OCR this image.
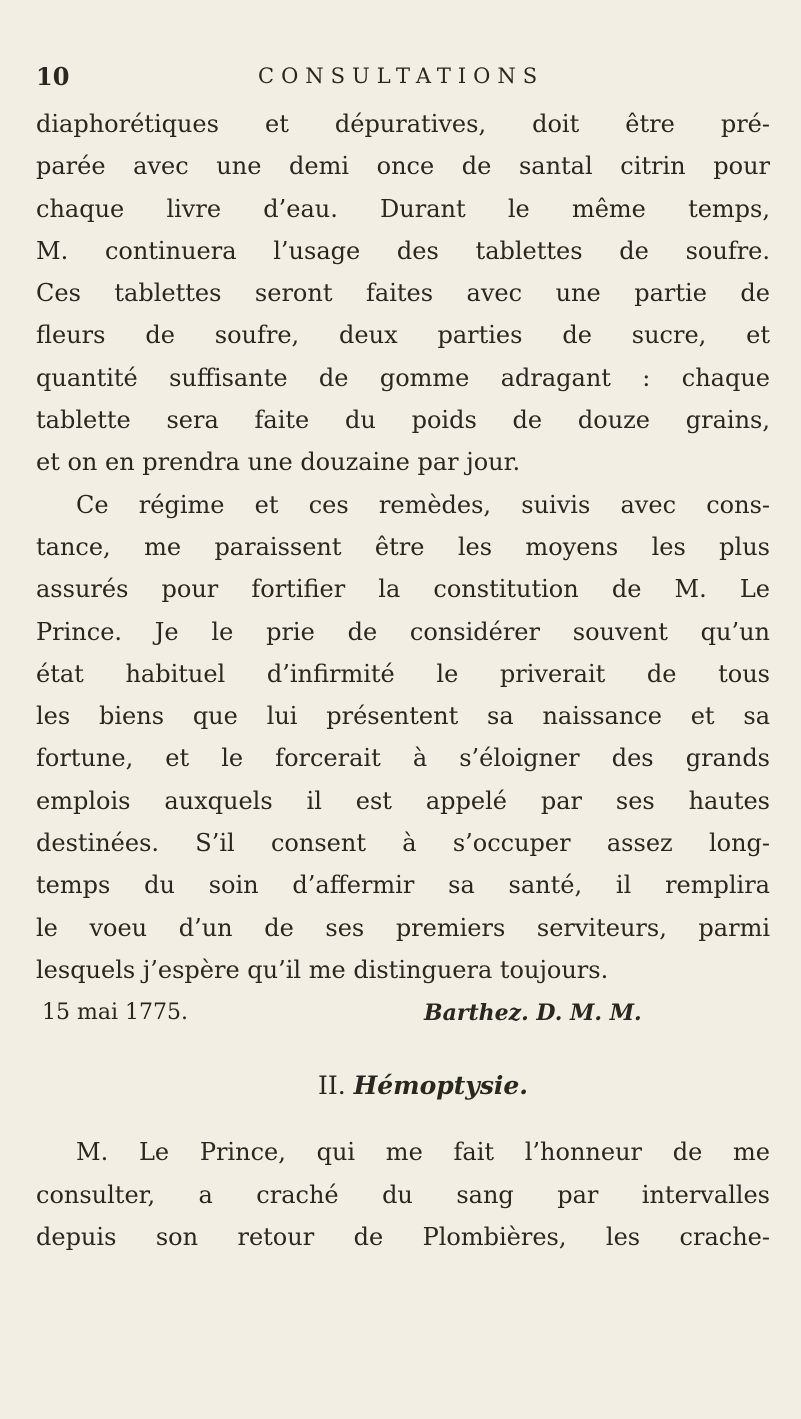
10	CONSULTATIONS
diaphorétiques et dépuratives, doit être pré-
parée avec une demi once de santal citrin pour
chaque livre d’eau. Durant le même temps,
M. continuera l’usage des tablettes de soufre.
Ces tablettes seront faites avec une partie de
fleurs de soufre, deux parties de sucre, et
quantité suffisante de gomme adragant : chaque
tablette sera faite du poids de douze grains,
et on en prendra une douzaine par jour.
Ce régime et ces remèdes, suivis avec cons-
tance, me paraissent être les moyens les plus
assurés pour fortifier la constitution de M. Le
Prince. Je le prie de considérer souvent qu’un
état habituel d’infirmité le priverait de tous
les biens que lui présentent sa naissance et sa
fortune, et le forcerait à s’éloigner des grands
emplois auxquels il est appelé par ses hautes
destinées. S’il consent à s’occuper assez long-
temps du soin d’affermir sa santé, il remplira
le voeu d’un de ses premiers serviteurs, parmi
lesquels j’espère qu’il me distinguera toujours.
15 mai 1775.	Barthez. D. M. M.
II. Hémoptysie.
M. Le Prince, qui me fait l’honneur de me
consulter, a craché du sang par intervalles
depuis son retour de Plombières, les crache-
